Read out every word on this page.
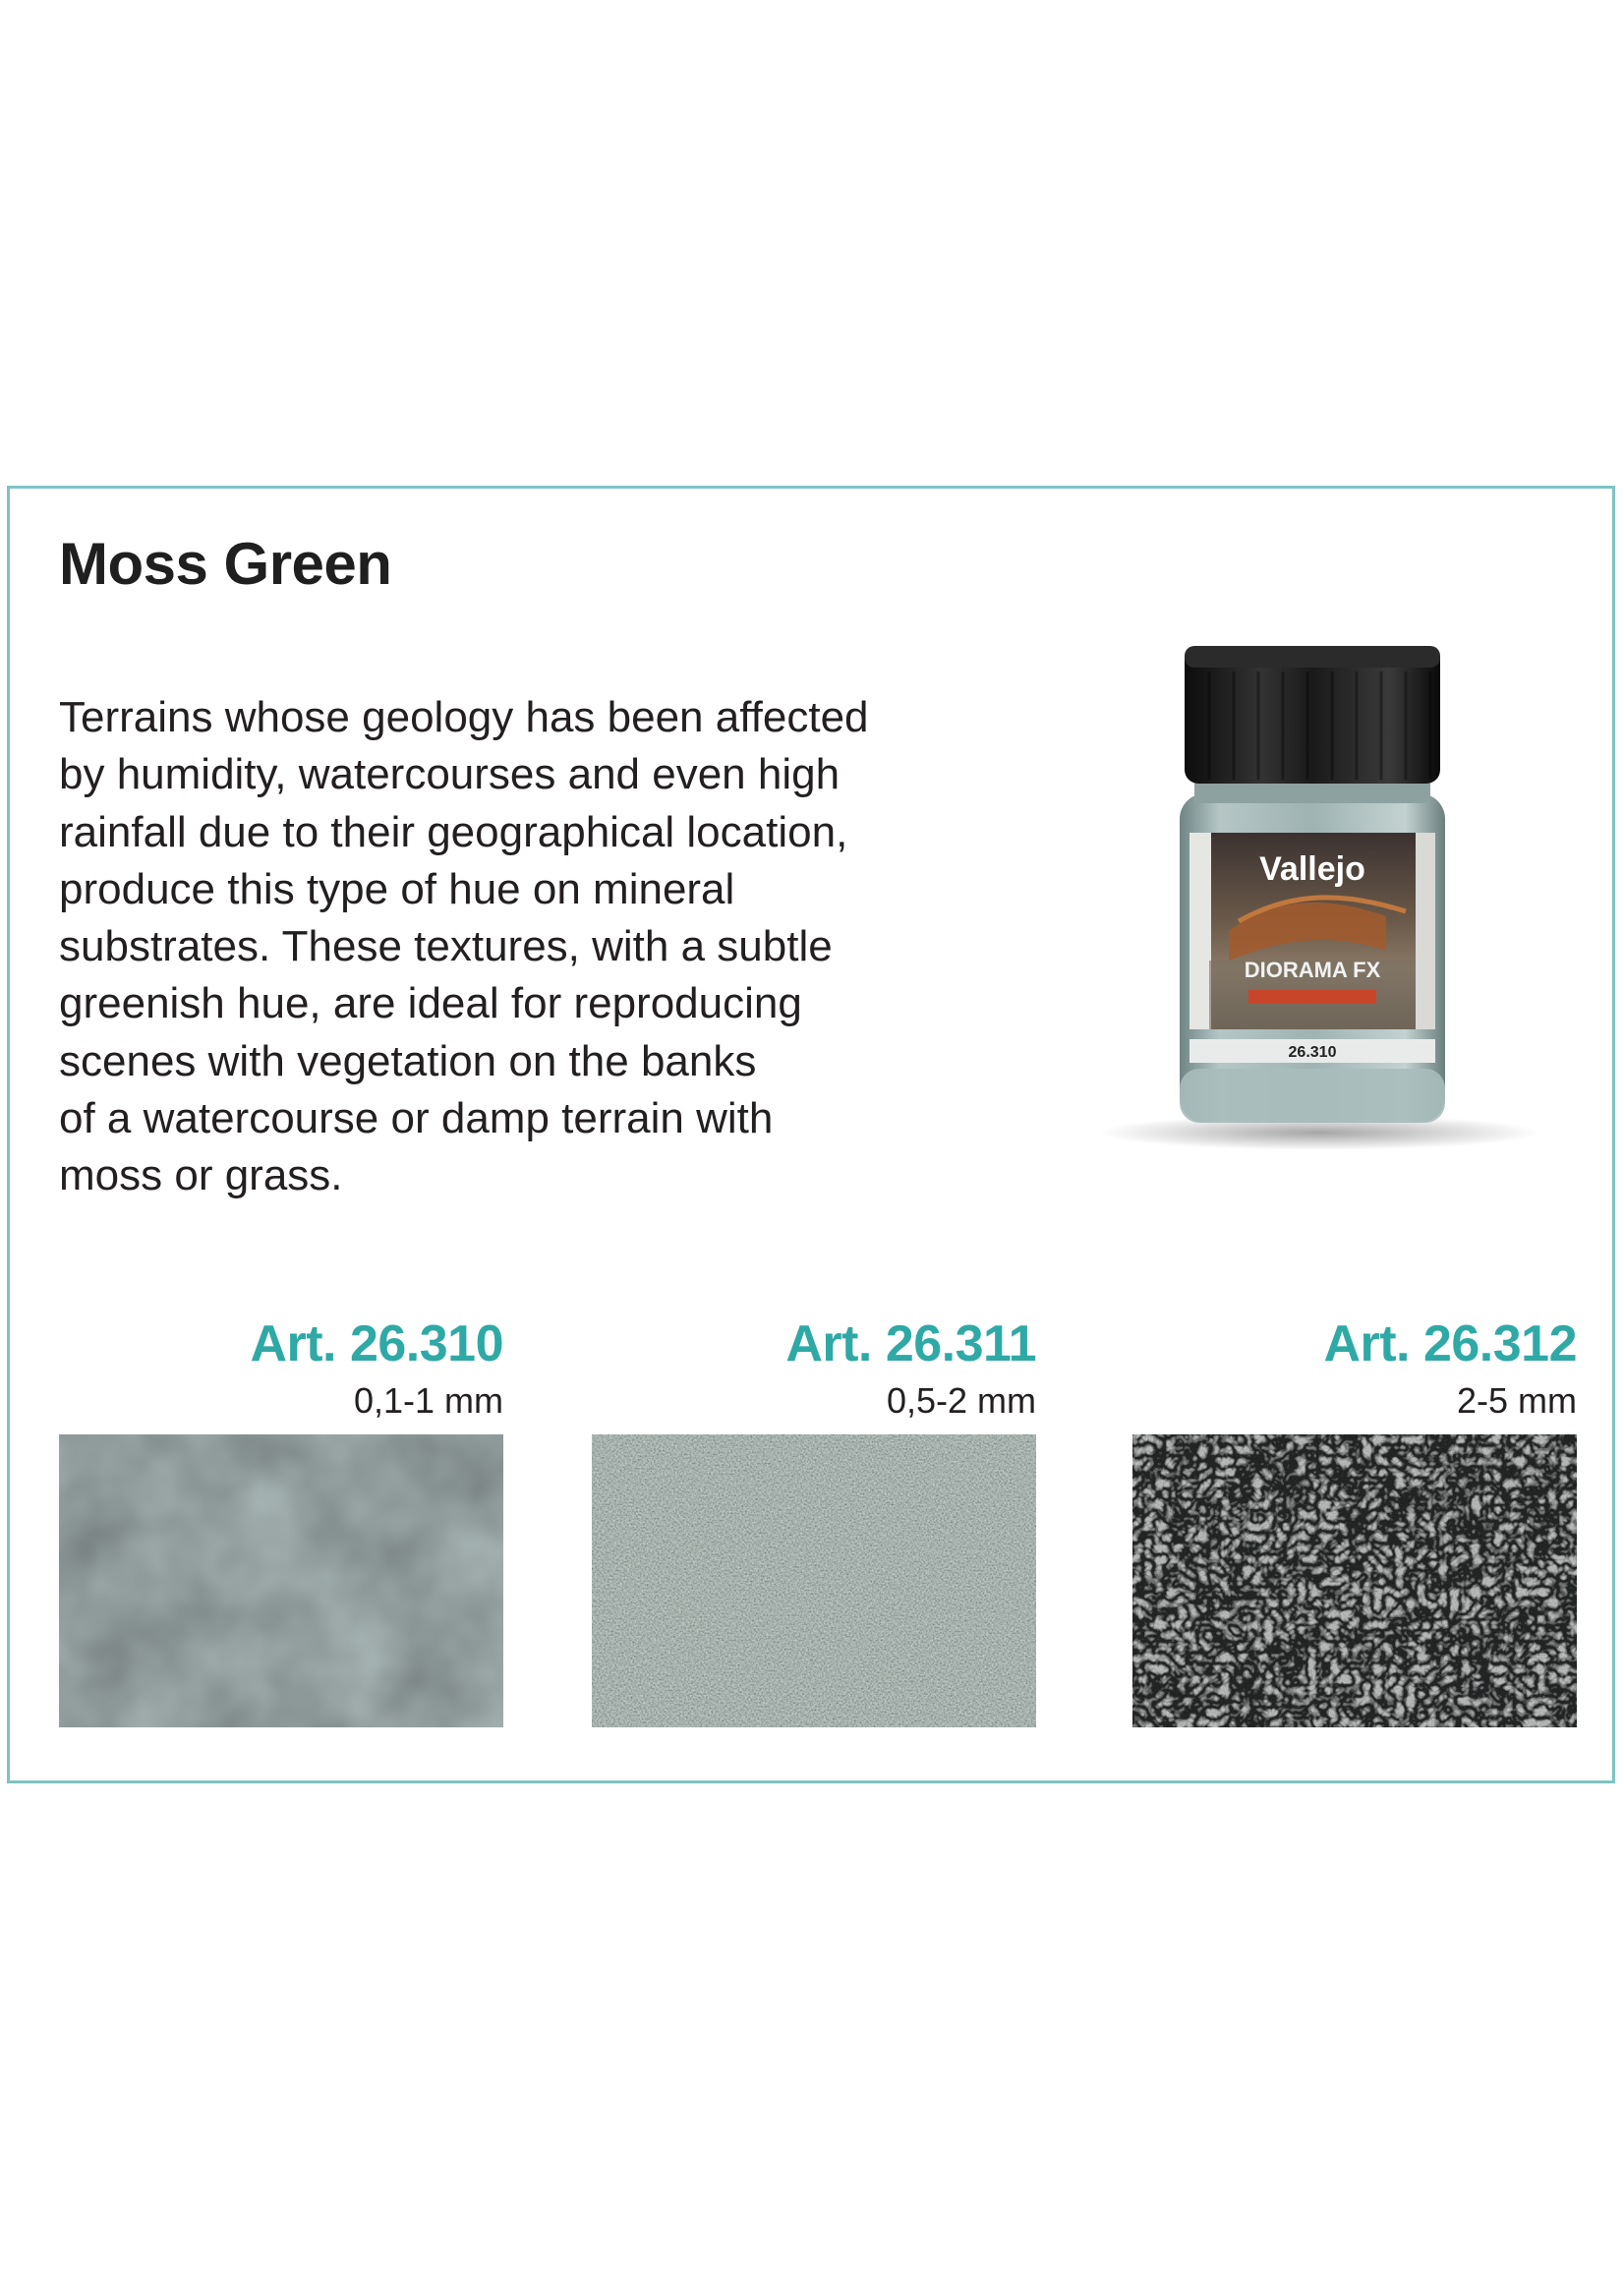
Moss Green

Terrains whose geology has been affected
by humidity, watercourses and even high
rainfall due to their geographical location,
produce this type of hue on mineral
substrates. These textures, with a subtle
greenish hue, are ideal for reproducing
scenes with vegetation on the banks
of a watercourse or damp terrain with
moss or grass.

Vallejo
DIORAMA FX
26.310
Art. 26.310
0,1-1 mm
Art. 26.311
0,5-2 mm
Art. 26.312
2-5 mm
